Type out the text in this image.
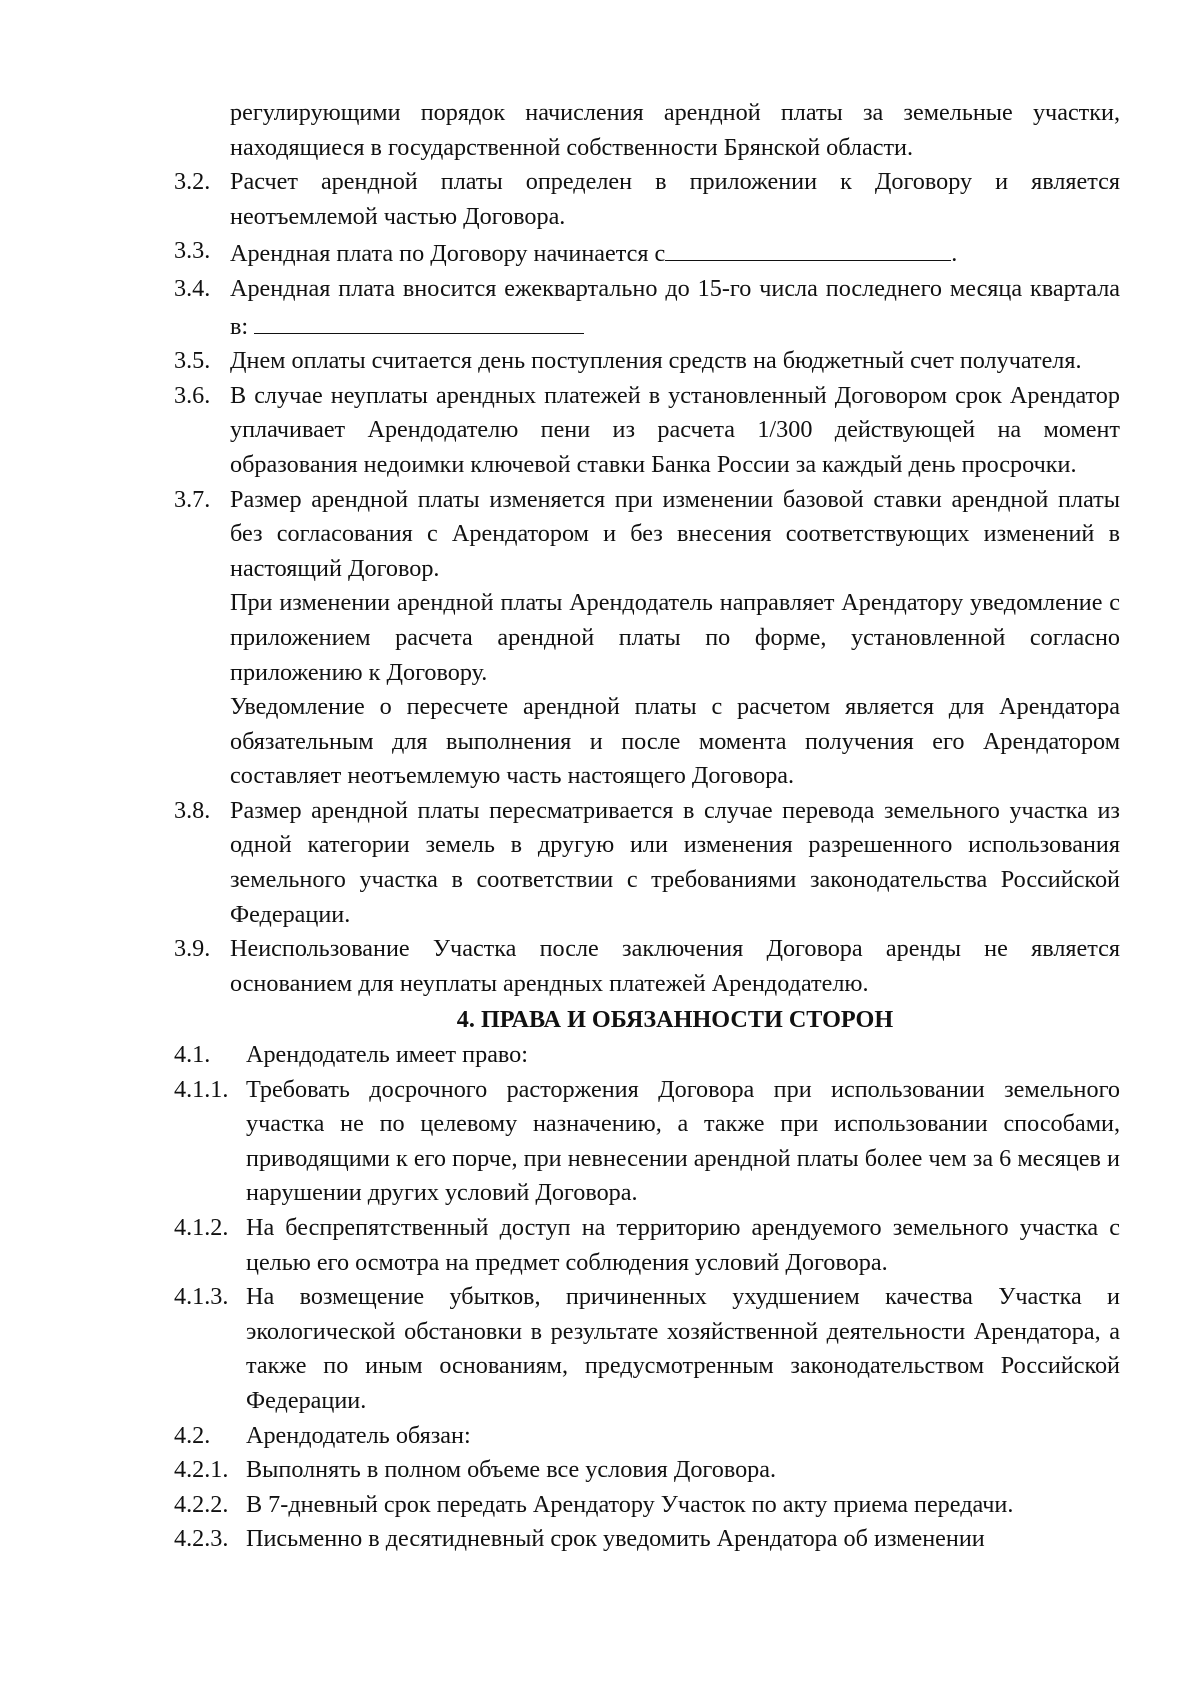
регулирующими порядок начисления арендной платы за земельные участки, находящиеся в государственной собственности Брянской области.
3.2. Расчет арендной платы определен в приложении к Договору и является неотъемлемой частью Договора.
3.3. Арендная плата по Договору начинается с	.
3.4. Арендная плата вносится ежеквартально до 15-го числа последнего месяца квартала в:
3.5. Днем оплаты считается день поступления средств на бюджетный счет получателя.
3.6. В случае неуплаты арендных платежей в установленный Договором срок Арендатор уплачивает Арендодателю пени из расчета 1/300 действующей на момент образования недоимки ключевой ставки Банка России за каждый день просрочки.
3.7. Размер арендной платы изменяется при изменении базовой ставки арендной платы без согласования с Арендатором и без внесения соответствующих изменений в настоящий Договор.
При изменении арендной платы Арендодатель направляет Арендатору уведомление с приложением расчета арендной платы по форме, установленной согласно приложению к Договору.
Уведомление о пересчете арендной платы с расчетом является для Арендатора обязательным для выполнения и после момента получения его Арендатором составляет неотъемлемую часть настоящего Договора.
3.8. Размер арендной платы пересматривается в случае перевода земельного участка из одной категории земель в другую или изменения разрешенного использования земельного участка в соответствии с требованиями законодательства Российской Федерации.
3.9. Неиспользование Участка после заключения Договора аренды не является основанием для неуплаты арендных платежей Арендодателю.
4. ПРАВА И ОБЯЗАННОСТИ СТОРОН
4.1. Арендодатель имеет право:
4.1.1. Требовать досрочного расторжения Договора при использовании земельного участка не по целевому назначению, а также при использовании способами, приводящими к его порче, при невнесении арендной платы более чем за 6 месяцев и нарушении других условий Договора.
4.1.2. На беспрепятственный доступ на территорию арендуемого земельного участка с целью его осмотра на предмет соблюдения условий Договора.
4.1.3. На возмещение убытков, причиненных ухудшением качества Участка и экологической обстановки в результате хозяйственной деятельности Арендатора, а также по иным основаниям, предусмотренным законодательством Российской Федерации.
4.2. Арендодатель обязан:
4.2.1. Выполнять в полном объеме все условия Договора.
4.2.2. В 7-дневный срок передать Арендатору Участок по акту приема передачи.
4.2.3. Письменно в десятидневный срок уведомить Арендатора об изменении
